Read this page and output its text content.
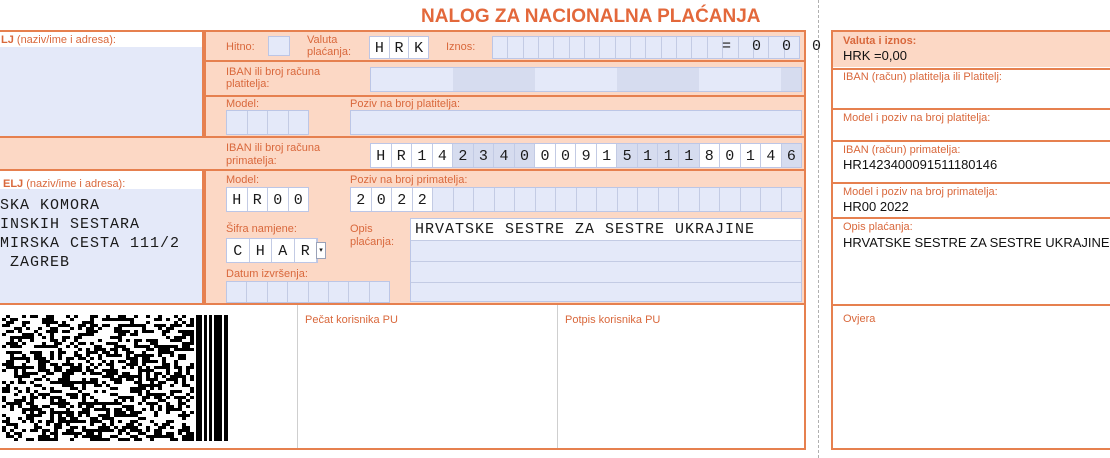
NALOG ZA NACIONALNA PLAĆANJA
LJ (naziv/ime i adresa):
Hitno:
Valuta
plaćanja:	H R K	Iznos:	=  0  0  0
IBAN ili broj računa
platitelja:
Model:	Poziv na broj platitelja:
IBAN ili broj računa
primatelja:	H R 1 4 2 3 4 0 0 0 9 1 5 1 1 1 8 0 1 4 6
ELJ (naziv/ime i adresa):
SKA KOMORA
INSKIH SESTARA
MIRSKA CESTA 111/2
ZAGREB
Model:
H R 0 0
Poziv na broj primatelja:
2 0 2 2
Šifra namjene:
C H A R	▾
Opis
plaćanja:
HRVATSKE SESTRE ZA SESTRE UKRAJINE
Datum izvršenja:
Pečat korisnika PU	Potpis korisnika PU
Valuta i iznos:
HRK =0,00
IBAN (račun) platitelja ili Platitelj:
Model i poziv na broj platitelja:
IBAN (račun) primatelja:
HR1423400091511180146
Model i poziv na broj primatelja:
HR00 2022
Opis plaćanja:
HRVATSKE SESTRE ZA SESTRE UKRAJINE
Ovjera
